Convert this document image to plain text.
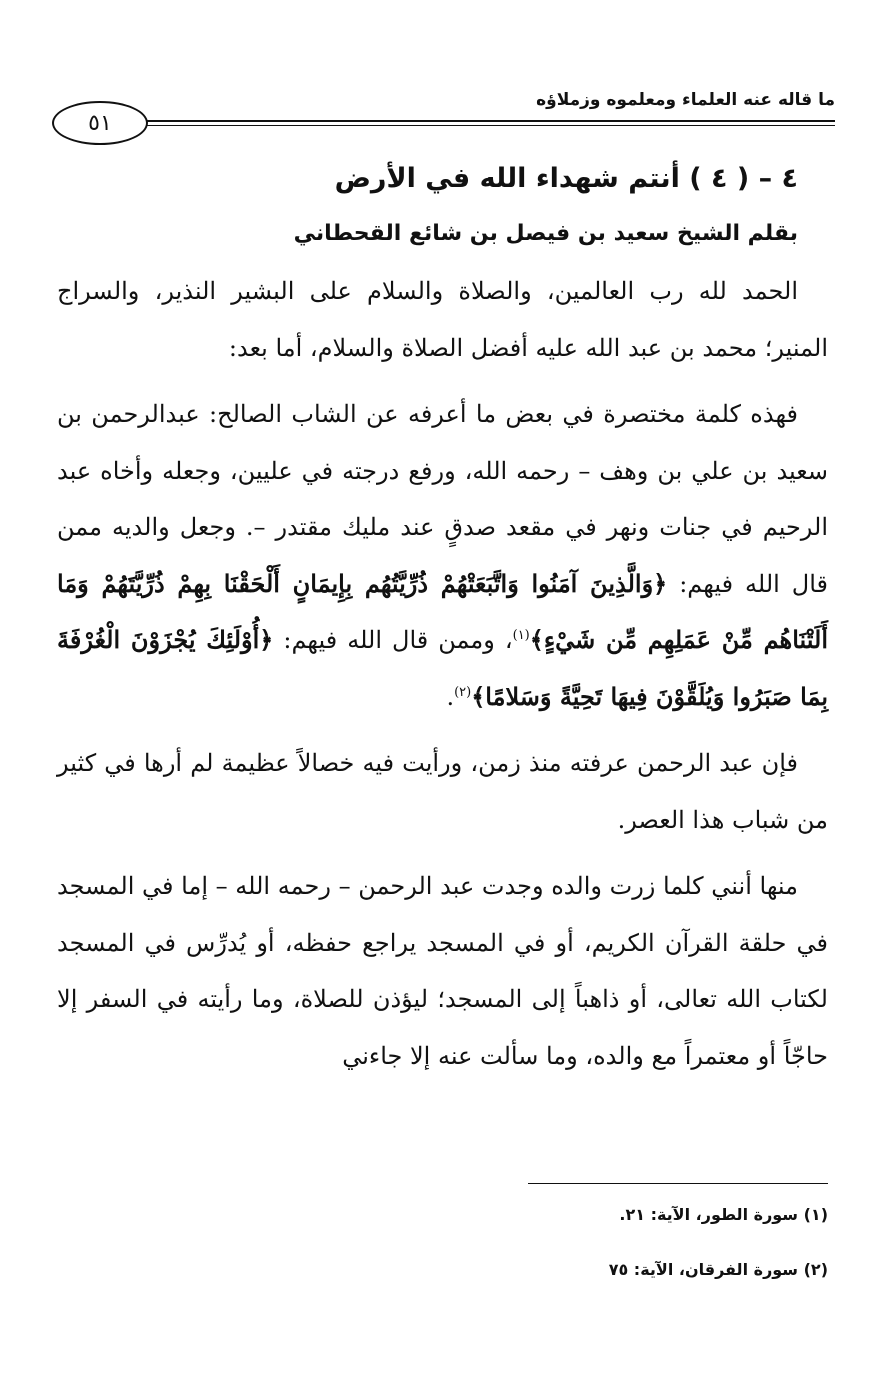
ما قاله عنه العلماء ومعلموه وزملاؤه
٥١
٤ – ( ٤ ) أنتم شهداء الله في الأرض
بقلم الشيخ سعيد بن فيصل بن شائع القحطاني

الحمد لله رب العالمين، والصلاة والسلام على البشير النذير، والسراج المنير؛ محمد بن عبد الله عليه أفضل الصلاة والسلام، أما بعد:

فهذه كلمة مختصرة في بعض ما أعرفه عن الشاب الصالح: عبدالرحمن بن سعيد بن علي بن وهف – رحمه الله، ورفع درجته في عليين، وجعله وأخاه عبد الرحيم في جنات ونهر في مقعد صدقٍ عند مليك مقتدر –. وجعل والديه ممن قال الله فيهم: ﴿وَالَّذِينَ آمَنُوا وَاتَّبَعَتْهُمْ ذُرِّيَّتُهُم بِإِيمَانٍ أَلْحَقْنَا بِهِمْ ذُرِّيَّتَهُمْ وَمَا أَلَتْنَاهُم مِّنْ عَمَلِهِم مِّن شَيْءٍ﴾$^{(١)}$، وممن قال الله فيهم: ﴿أُوْلَئِكَ يُجْزَوْنَ الْغُرْفَةَ بِمَا صَبَرُوا وَيُلَقَّوْنَ فِيهَا تَحِيَّةً وَسَلامًا﴾$^{(٢)}$.

فإن عبد الرحمن عرفته منذ زمن، ورأيت فيه خصالاً عظيمة لم أرها في كثير من شباب هذا العصر.

منها أنني كلما زرت والده وجدت عبد الرحمن – رحمه الله – إما في المسجد في حلقة القرآن الكريم، أو في المسجد يراجع حفظه، أو يُدرِّس في المسجد لكتاب الله تعالى، أو ذاهباً إلى المسجد؛ ليؤذن للصلاة، وما رأيته في السفر إلا حاجّاً أو معتمراً مع والده، وما سألت عنه إلا جاءني

(١) سورة الطور، الآية: ٢١.
(٢) سورة الفرقان، الآية: ٧٥
